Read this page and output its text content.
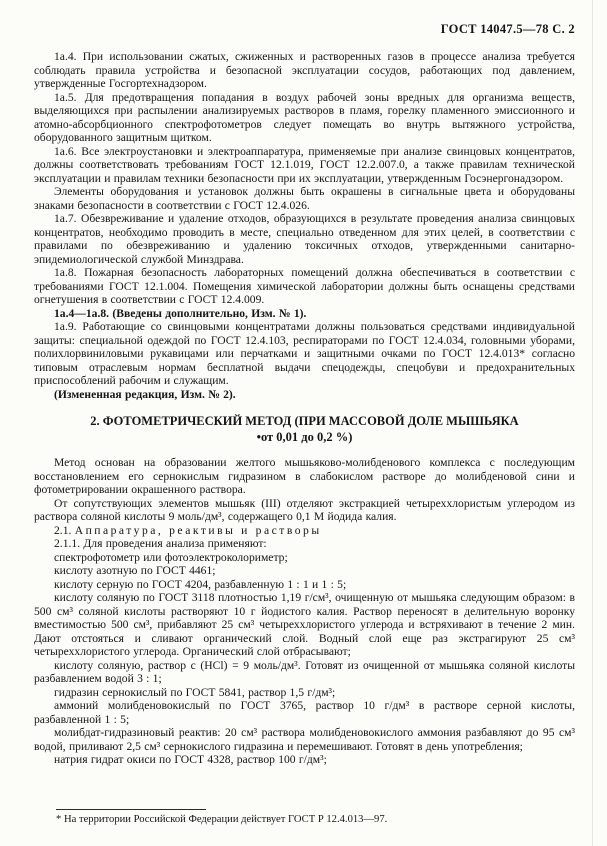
ГОСТ 14047.5—78 С. 2

1а.4. При использовании сжатых, сжиженных и растворенных газов в процессе анализа требуется соблюдать правила устройства и безопасной эксплуатации сосудов, работающих под давлением, утвержденные Госгортехнадзором.

1а.5. Для предотвращения попадания в воздух рабочей зоны вредных для организма веществ, выделяющихся при распылении анализируемых растворов в пламя, горелку пламенного эмиссионного и атомно-абсорбционного спектрофотометров следует помещать во внутрь вытяжного устройства, оборудованного защитным щитком.

1а.6. Все электроустановки и электроаппаратура, применяемые при анализе свинцовых концентратов, должны соответствовать требованиям ГОСТ 12.1.019, ГОСТ 12.2.007.0, а также правилам технической эксплуатации и правилам техники безопасности при их эксплуатации, утвержденным Госэнергонадзором.

Элементы оборудования и установок должны быть окрашены в сигнальные цвета и оборудованы знаками безопасности в соответствии с ГОСТ 12.4.026.

1а.7. Обезвреживание и удаление отходов, образующихся в результате проведения анализа свинцовых концентратов, необходимо проводить в месте, специально отведенном для этих целей, в соответствии с правилами по обезвреживанию и удалению токсичных отходов, утвержденными санитарно-эпидемиологической службой Минздрава.

1а.8. Пожарная безопасность лабораторных помещений должна обеспечиваться в соответствии с требованиями ГОСТ 12.1.004. Помещения химической лаборатории должны быть оснащены средствами огнетушения в соответствии с ГОСТ 12.4.009.

1а.4—1а.8. (Введены дополнительно, Изм. № 1).

1а.9. Работающие со свинцовыми концентратами должны пользоваться средствами индивидуальной защиты: специальной одеждой по ГОСТ 12.4.103, респираторами по ГОСТ 12.4.034, головными уборами, полихлорвиниловыми рукавицами или перчатками и защитными очками по ГОСТ 12.4.013* согласно типовым отраслевым нормам бесплатной выдачи спецодежды, спецобуви и предохранительных приспособлений рабочим и служащим.

(Измененная редакция, Изм. № 2).

2. ФОТОМЕТРИЧЕСКИЙ МЕТОД (ПРИ МАССОВОЙ ДОЛЕ МЫШЬЯКА
•от 0,01 до 0,2 %)

Метод основан на образовании желтого мышьяково-молибденового комплекса с последующим восстановлением его сернокислым гидразином в слабокислом растворе до молибденовой сини и фотометрировании окрашенного раствора.

От сопутствующих элементов мышьяк (III) отделяют экстракцией четыреххлористым углеродом из раствора соляной кислоты 9 моль/дм³, содержащего 0,1 М йодида калия.

2.1. Аппаратура, реактивы и растворы

2.1.1. Для проведения анализа применяют:

спектрофотометр или фотоэлектроколориметр;

кислоту азотную по ГОСТ 4461;

кислоту серную по ГОСТ 4204, разбавленную 1 : 1 и 1 : 5;

кислоту соляную по ГОСТ 3118 плотностью 1,19 г/см³, очищенную от мышьяка следующим образом: в 500 см³ соляной кислоты растворяют 10 г йодистого калия. Раствор переносят в делительную воронку вместимостью 500 см³, прибавляют 25 см³ четыреххлористого углерода и встряхивают в течение 2 мин. Дают отстояться и сливают органический слой. Водный слой еще раз экстрагируют 25 см³ четыреххлористого углерода. Органический слой отбрасывают;

кислоту соляную, раствор с (HCl) = 9 моль/дм³. Готовят из очищенной от мышьяка соляной кислоты разбавлением водой 3 : 1;

гидразин сернокислый по ГОСТ 5841, раствор 1,5 г/дм³;

аммоний молибденовокислый по ГОСТ 3765, раствор 10 г/дм³ в растворе серной кислоты, разбавленной 1 : 5;

молибдат-гидразиновый реактив: 20 см³ раствора молибденовокислого аммония разбавляют до 95 см³ водой, приливают 2,5 см³ сернокислого гидразина и перемешивают. Готовят в день употребления;

натрия гидрат окиси по ГОСТ 4328, раствор 100 г/дм³;

* На территории Российской Федерации действует ГОСТ Р 12.4.013—97.
